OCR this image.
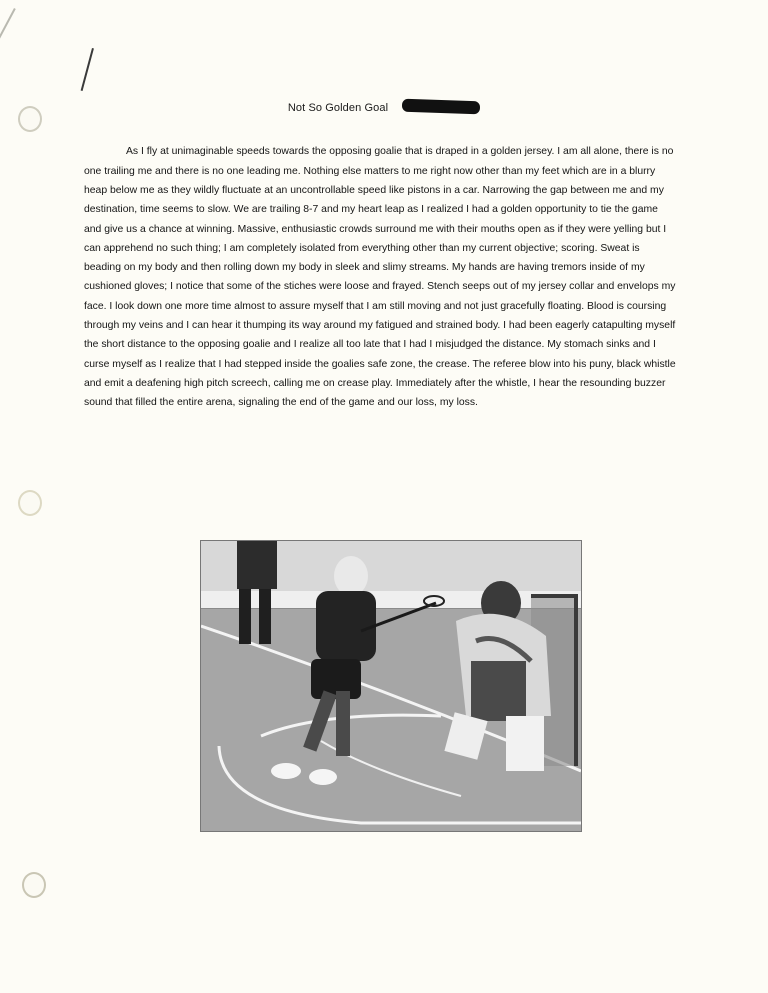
Not So Golden Goal

As I fly at unimaginable speeds towards the opposing goalie that is draped in a golden jersey. I am all alone, there is no one trailing me and there is no one leading me. Nothing else matters to me right now other than my feet which are in a blurry heap below me as they wildly fluctuate at an uncontrollable speed like pistons in a car. Narrowing the gap between me and my destination, time seems to slow. We are trailing 8-7 and my heart leap as I realized I had a golden opportunity to tie the game and give us a chance at winning. Massive, enthusiastic crowds surround me with their mouths open as if they were yelling but I can apprehend no such thing; I am completely isolated from everything other than my current objective; scoring. Sweat is beading on my body and then rolling down my body in sleek and slimy streams. My hands are having tremors inside of my cushioned gloves; I notice that some of the stiches were loose and frayed. Stench seeps out of my jersey collar and envelops my face. I look down one more time almost to assure myself that I am still moving and not just gracefully floating. Blood is coursing through my veins and I can hear it thumping its way around my fatigued and strained body. I had been eagerly catapulting myself the short distance to the opposing goalie and I realize all too late that I had I misjudged the distance. My stomach sinks and I curse myself as I realize that I had stepped inside the goalies safe zone, the crease. The referee blow into his puny, black whistle and emit a deafening high pitch screech, calling me on crease play. Immediately after the whistle, I hear the resounding buzzer sound that filled the entire arena, signaling the end of the game and our loss, my loss.
